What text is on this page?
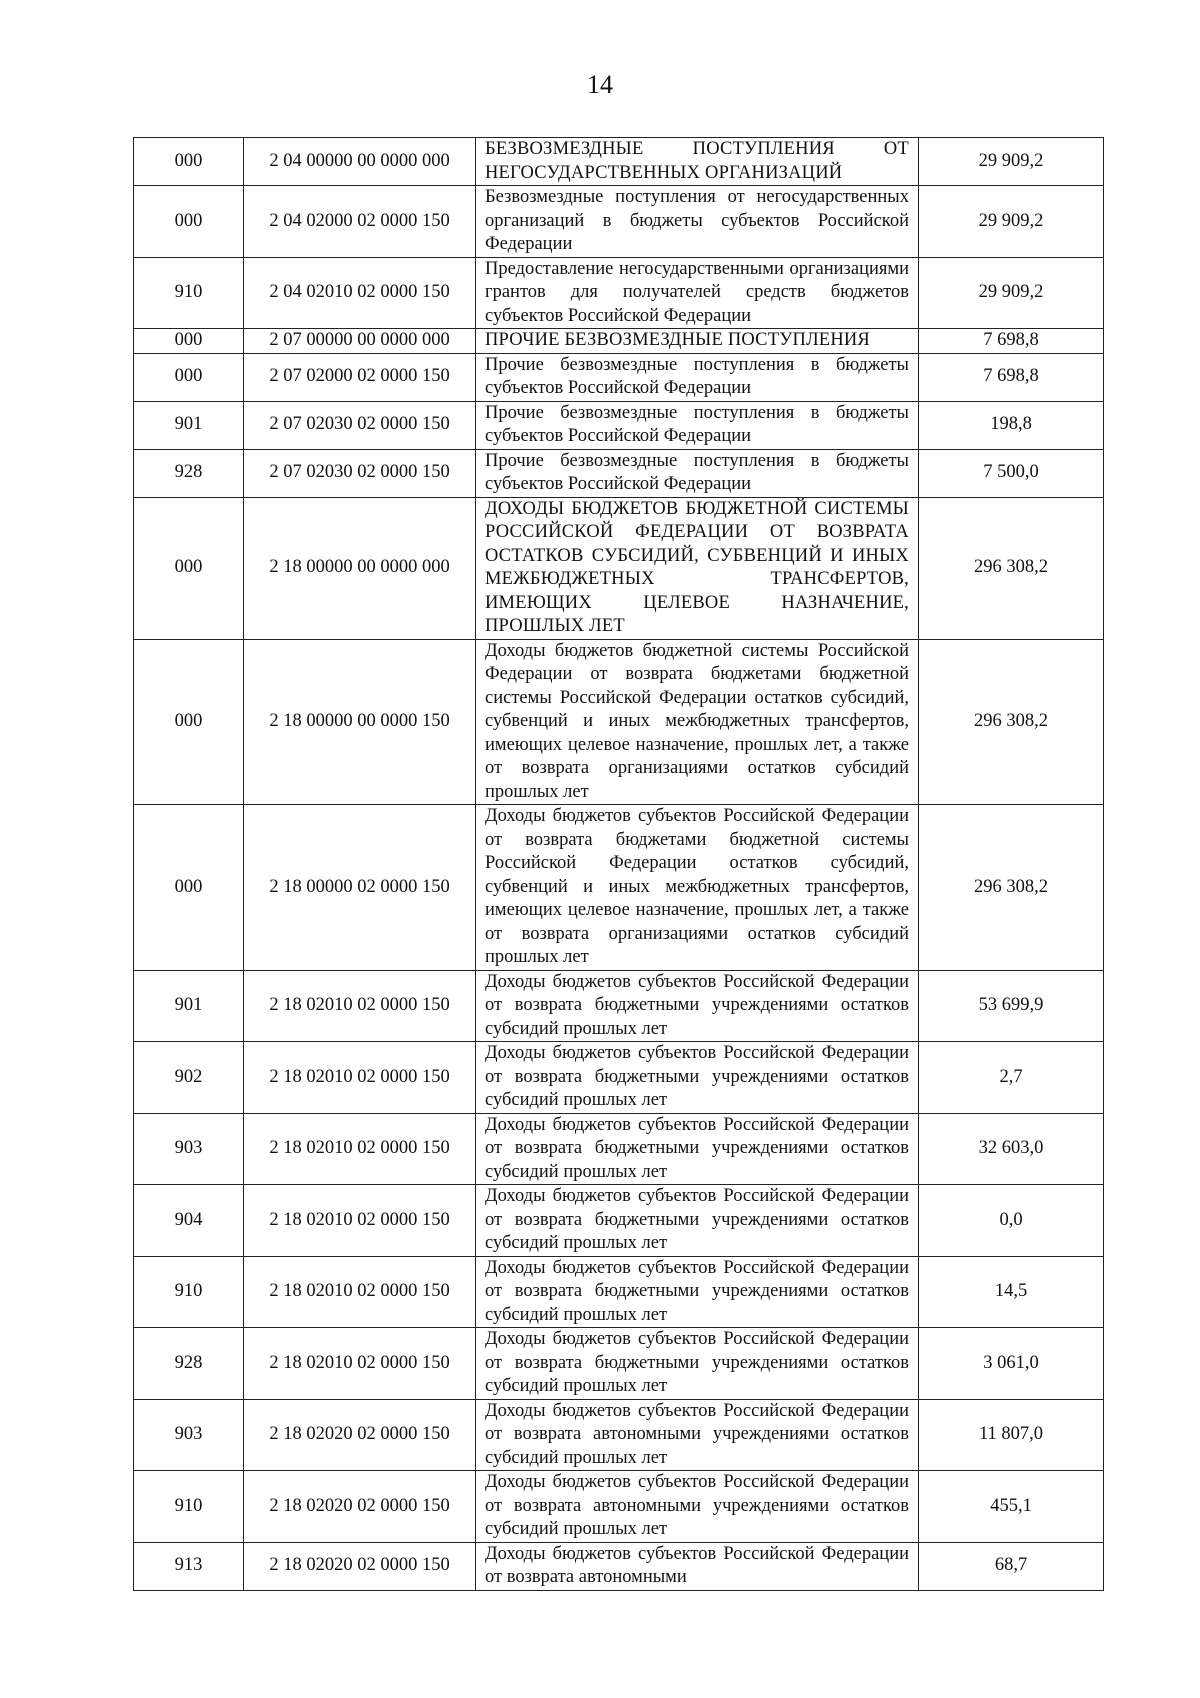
14
000	2 04 00000 00 0000 000	БЕЗВОЗМЕЗДНЫЕ ПОСТУПЛЕНИЯ ОТ НЕГОСУДАРСТВЕННЫХ ОРГАНИЗАЦИЙ	29 909,2
000	2 04 02000 02 0000 150	Безвозмездные поступления от негосударственных организаций в бюджеты субъектов Российской Федерации	29 909,2
910	2 04 02010 02 0000 150	Предоставление негосударственными организациями грантов для получателей средств бюджетов субъектов Российской Федерации	29 909,2
000	2 07 00000 00 0000 000	ПРОЧИЕ БЕЗВОЗМЕЗДНЫЕ ПОСТУПЛЕНИЯ	7 698,8
000	2 07 02000 02 0000 150	Прочие безвозмездные поступления в бюджеты субъектов Российской Федерации	7 698,8
901	2 07 02030 02 0000 150	Прочие безвозмездные поступления в бюджеты субъектов Российской Федерации	198,8
928	2 07 02030 02 0000 150	Прочие безвозмездные поступления в бюджеты субъектов Российской Федерации	7 500,0
000	2 18 00000 00 0000 000	ДОХОДЫ БЮДЖЕТОВ БЮДЖЕТНОЙ СИСТЕМЫ РОССИЙСКОЙ ФЕДЕРАЦИИ ОТ ВОЗВРАТА ОСТАТКОВ СУБСИДИЙ, СУБВЕНЦИЙ И ИНЫХ МЕЖБЮДЖЕТНЫХ ТРАНСФЕРТОВ, ИМЕЮЩИХ ЦЕЛЕВОЕ НАЗНАЧЕНИЕ, ПРОШЛЫХ ЛЕТ	296 308,2
000	2 18 00000 00 0000 150	Доходы бюджетов бюджетной системы Российской Федерации от возврата бюджетами бюджетной системы Российской Федерации остатков субсидий, субвенций и иных межбюджетных трансфертов, имеющих целевое назначение, прошлых лет, а также от возврата организациями остатков субсидий прошлых лет	296 308,2
000	2 18 00000 02 0000 150	Доходы бюджетов субъектов Российской Федерации от возврата бюджетами бюджетной системы Российской Федерации остатков субсидий, субвенций и иных межбюджетных трансфертов, имеющих целевое назначение, прошлых лет, а также от возврата организациями остатков субсидий прошлых лет	296 308,2
901	2 18 02010 02 0000 150	Доходы бюджетов субъектов Российской Федерации от возврата бюджетными учреждениями остатков субсидий прошлых лет	53 699,9
902	2 18 02010 02 0000 150	Доходы бюджетов субъектов Российской Федерации от возврата бюджетными учреждениями остатков субсидий прошлых лет	2,7
903	2 18 02010 02 0000 150	Доходы бюджетов субъектов Российской Федерации от возврата бюджетными учреждениями остатков субсидий прошлых лет	32 603,0
904	2 18 02010 02 0000 150	Доходы бюджетов субъектов Российской Федерации от возврата бюджетными учреждениями остатков субсидий прошлых лет	0,0
910	2 18 02010 02 0000 150	Доходы бюджетов субъектов Российской Федерации от возврата бюджетными учреждениями остатков субсидий прошлых лет	14,5
928	2 18 02010 02 0000 150	Доходы бюджетов субъектов Российской Федерации от возврата бюджетными учреждениями остатков субсидий прошлых лет	3 061,0
903	2 18 02020 02 0000 150	Доходы бюджетов субъектов Российской Федерации от возврата автономными учреждениями остатков субсидий прошлых лет	11 807,0
910	2 18 02020 02 0000 150	Доходы бюджетов субъектов Российской Федерации от возврата автономными учреждениями остатков субсидий прошлых лет	455,1
913	2 18 02020 02 0000 150	Доходы бюджетов субъектов Российской Федерации от возврата автономными	68,7
